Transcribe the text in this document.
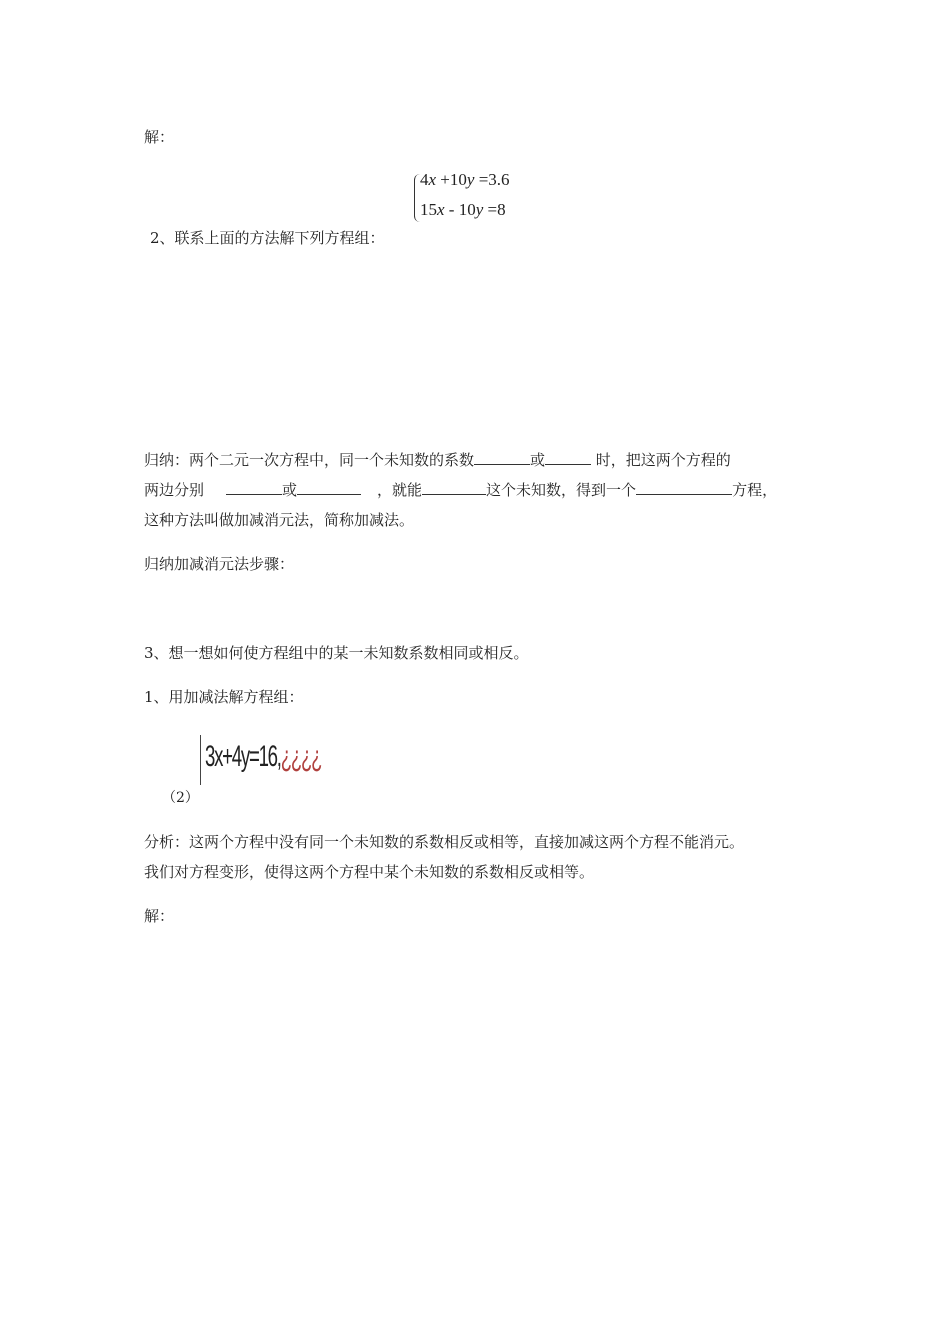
解：
4x +10y =3.6
15x - 10y =8
2、联系上面的方法解下列方程组：
归纳：两个二元一次方程中，同一个未知数的系数	或	时，把这两个方程的
两边分别	或	，就能	这个未知数，得到一个	方程，
这种方法叫做加减消元法，简称加减法。
归纳加减消元法步骤：
3、想一想如何使方程组中的某一未知数系数相同或相反。
1、用加减法解方程组：
3x+4y=16,¿¿¿¿
（2）
分析：这两个方程中没有同一个未知数的系数相反或相等，直接加减这两个方程不能消元。
我们对方程变形，使得这两个方程中某个未知数的系数相反或相等。
解：
